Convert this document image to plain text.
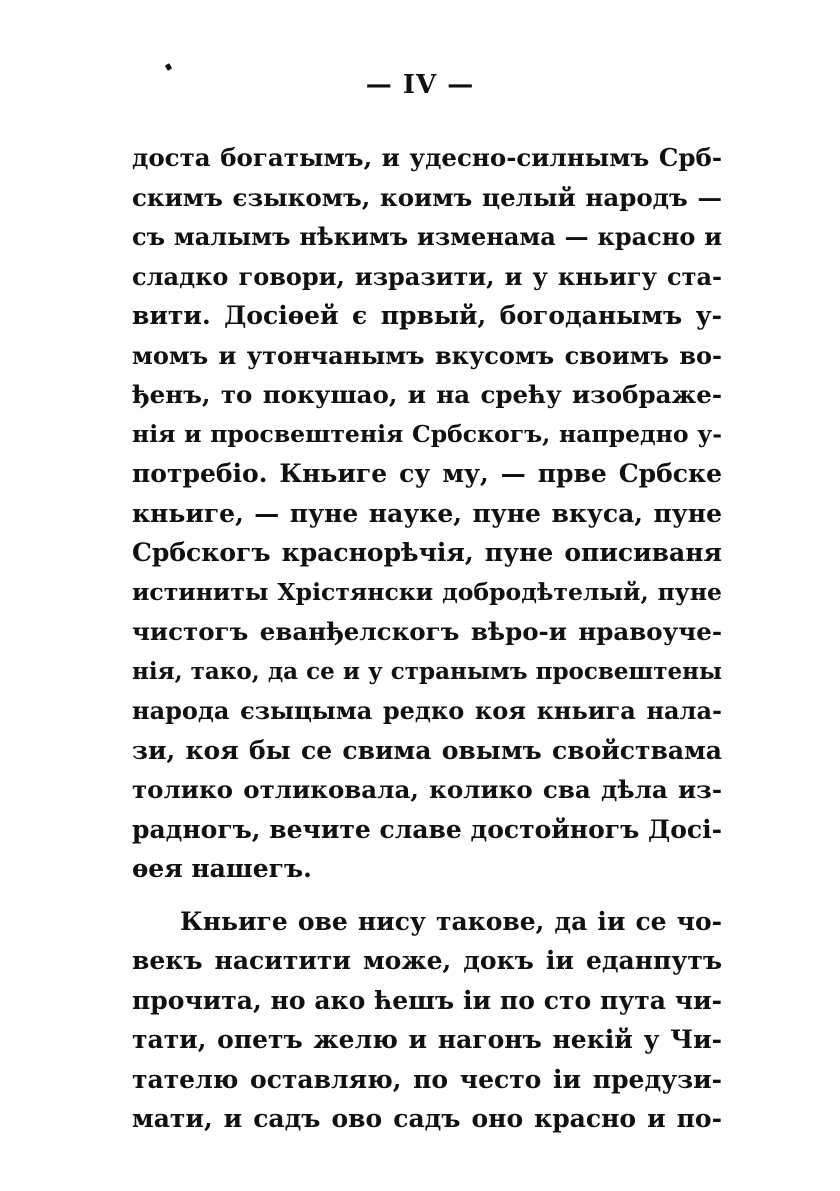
— IV —
доста богатымъ, и удесно-силнымъ Срб-
скимъ єзыкомъ, коимъ целый народъ —
съ малымъ нѣкимъ изменама — красно и
сладко говори, изразити, и у кньигу ста-
вити. Досіѳей є првый, богоданымъ у-
момъ и утончанымъ вкусомъ своимъ во-
ђенъ, то покушао, и на срећу изображе-
нія и просвештенія Србскогъ, напредно у-
потребіо. Кньиге су му, — прве Србске
кньиге, — пуне науке, пуне вкуса, пуне
Србскогъ краснорѣчія, пуне описиваня
истиниты Хрістянски добродѣтелый, пуне
чистогъ еванђелскогъ вѣро-и нравоуче-
нія, тако, да се и у странымъ просвештены
народа єзыцыма редко коя кньига нала-
зи, коя бы се свима овымъ свойствама
толико отликовала, колико сва дѣла из-
радногъ, вечите славе достойногъ Досі-
ѳея нашегъ.
Кньиге ове нису такове, да іи се чо-
векъ наситити може, докъ іи еданпутъ
прочита, но ако ћешъ іи по сто пута чи-
тати, опетъ желю и нагонъ некій у Чи-
тателю оставляю, по често іи предузи-
мати, и садъ ово садъ оно красно и по-
